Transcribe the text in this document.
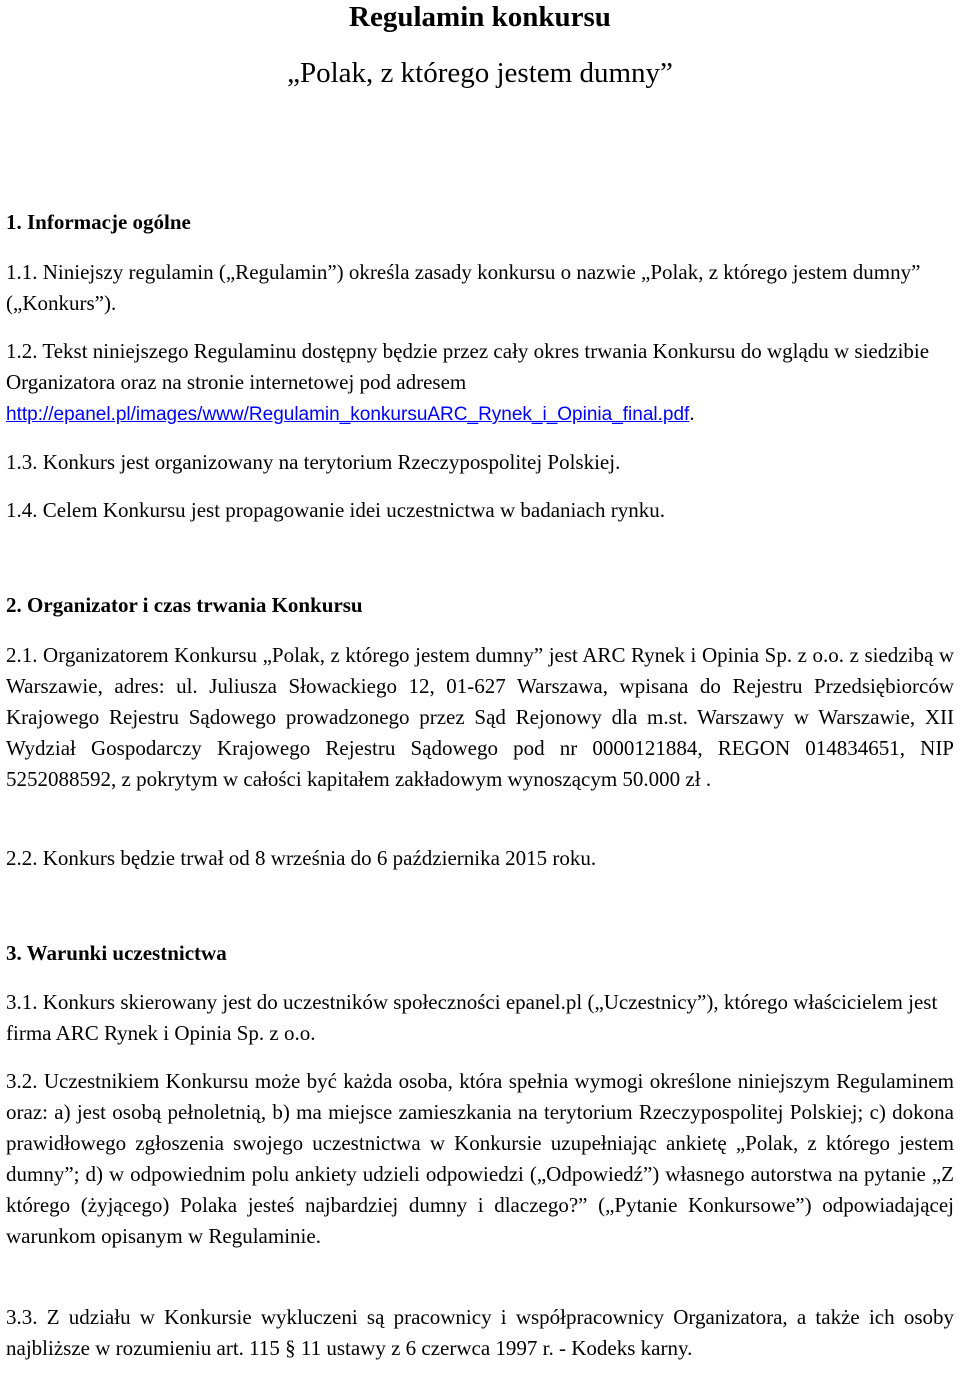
Regulamin konkursu
„Polak, z którego jestem dumny”

1. Informacje ogólne

1.1. Niniejszy regulamin („Regulamin”) określa zasady konkursu o nazwie „Polak, z którego jestem dumny” („Konkurs”).

1.2. Tekst niniejszego Regulaminu dostępny będzie przez cały okres trwania Konkursu do wglądu w siedzibie Organizatora oraz na stronie internetowej pod adresem http://epanel.pl/images/www/Regulamin_konkursuARC_Rynek_i_Opinia_final.pdf.

1.3. Konkurs jest organizowany na terytorium Rzeczypospolitej Polskiej.

1.4. Celem Konkursu jest propagowanie idei uczestnictwa w badaniach rynku.

2. Organizator i czas trwania Konkursu

2.1. Organizatorem Konkursu „Polak, z którego jestem dumny” jest ARC Rynek i Opinia Sp. z o.o. z siedzibą w Warszawie, adres: ul. Juliusza Słowackiego 12, 01-627 Warszawa, wpisana do Rejestru Przedsiębiorców Krajowego Rejestru Sądowego prowadzonego przez Sąd Rejonowy dla m.st. Warszawy w Warszawie, XII Wydział Gospodarczy Krajowego Rejestru Sądowego pod nr 0000121884, REGON 014834651, NIP 5252088592, z pokrytym w całości kapitałem zakładowym wynoszącym 50.000 zł .

2.2. Konkurs będzie trwał od 8 września do 6 października 2015 roku.

3. Warunki uczestnictwa

3.1. Konkurs skierowany jest do uczestników społeczności epanel.pl („Uczestnicy”), którego właścicielem jest firma ARC Rynek i Opinia Sp. z o.o.

3.2. Uczestnikiem Konkursu może być każda osoba, która spełnia wymogi określone niniejszym Regulaminem oraz: a) jest osobą pełnoletnią, b) ma miejsce zamieszkania na terytorium Rzeczypospolitej Polskiej; c) dokona prawidłowego zgłoszenia swojego uczestnictwa w Konkursie uzupełniając ankietę „Polak, z którego jestem dumny”; d) w odpowiednim polu ankiety udzieli odpowiedzi („Odpowiedź”) własnego autorstwa na pytanie „Z którego (żyjącego) Polaka jesteś najbardziej dumny i dlaczego?” („Pytanie Konkursowe”) odpowiadającej warunkom opisanym w Regulaminie.

3.3. Z udziału w Konkursie wykluczeni są pracownicy i współpracownicy Organizatora, a także ich osoby najbliższe w rozumieniu art. 115 § 11 ustawy z 6 czerwca 1997 r. - Kodeks karny.
